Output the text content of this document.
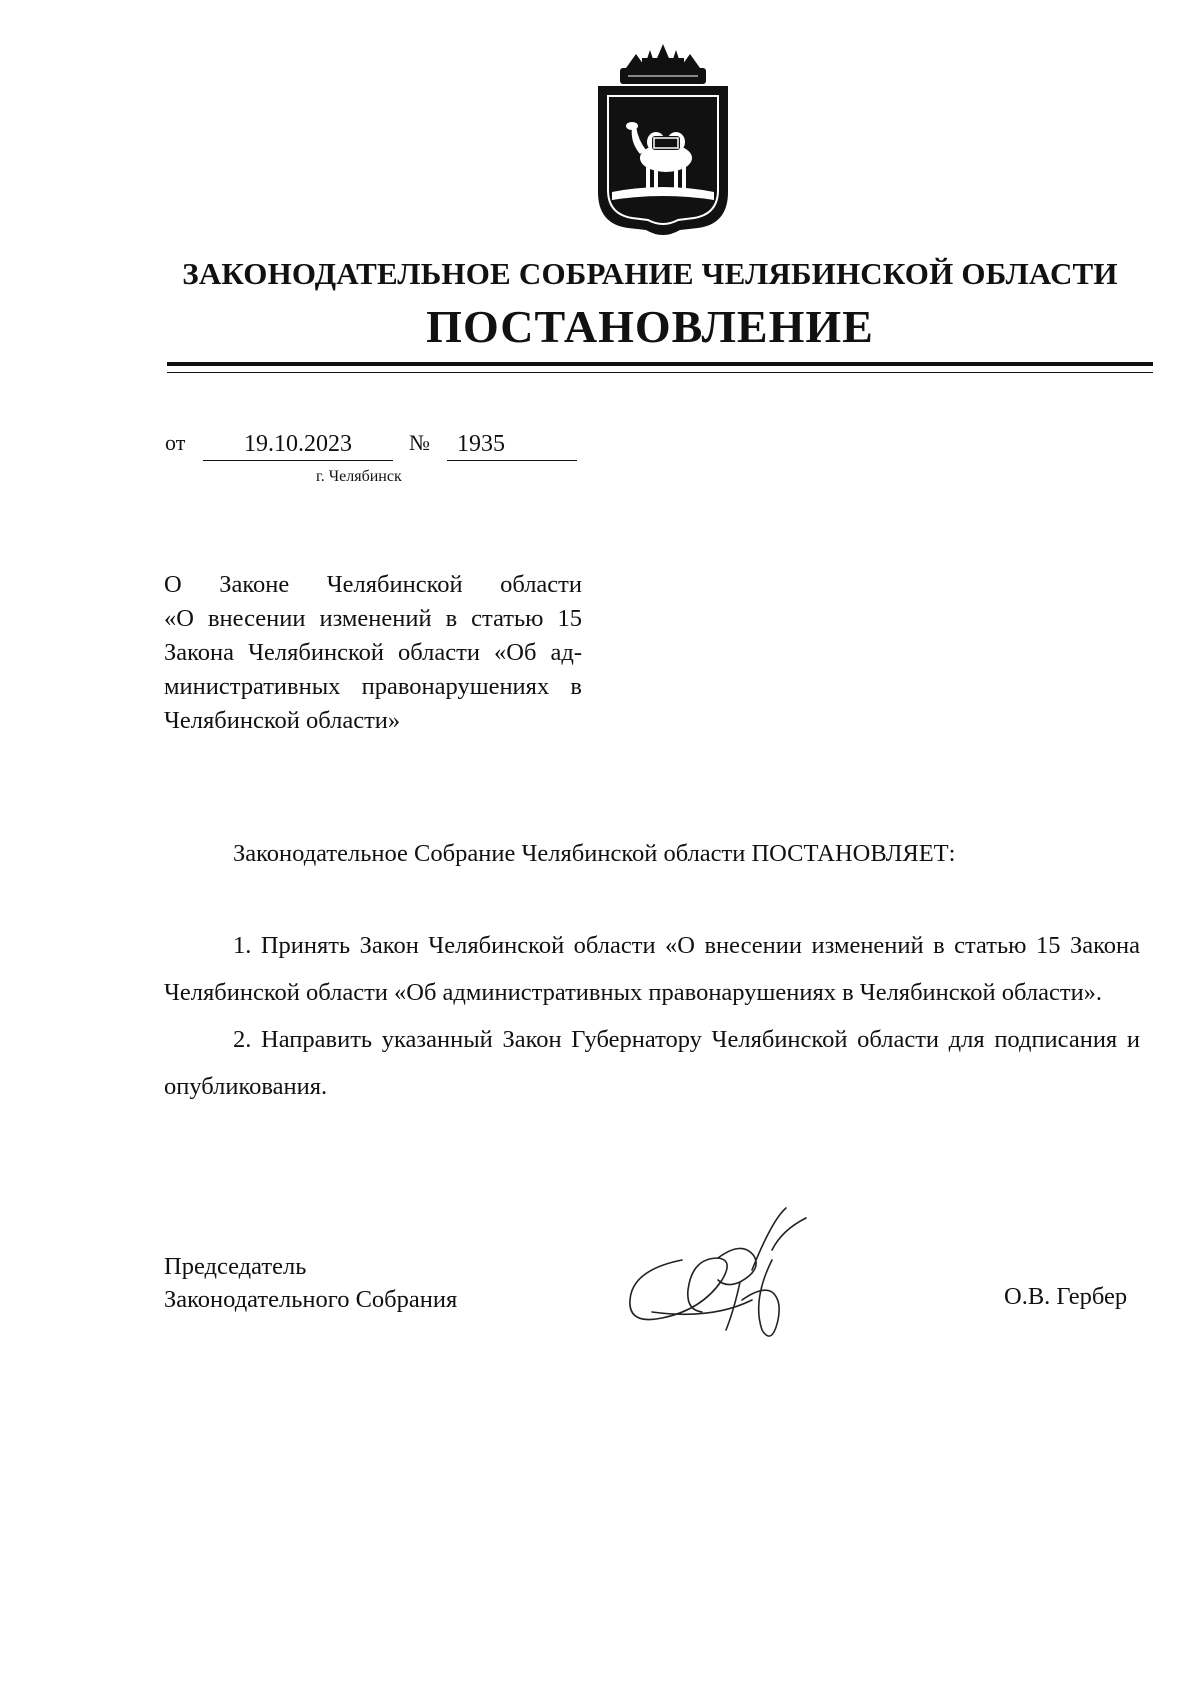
ЗАКОНОДАТЕЛЬНОЕ СОБРАНИЕ ЧЕЛЯБИНСКОЙ ОБЛАСТИ
ПОСТАНОВЛЕНИЕ
от	19.10.2023	№	1935
г. Челябинск
О Законе Челябинской области
«О внесении изменений в статью 15
Закона Челябинской области «Об ад-
министративных правонарушениях в
Челябинской области»
Законодательное Собрание Челябинской области ПОСТАНОВЛЯЕТ:

1. Принять Закон Челябинской области «О внесении изменений в статью 15 Закона Челябинской области «Об административных правонарушениях в Челябинской области».

2. Направить указанный Закон Губернатору Челябинской области для подписания и опубликования.

Председатель
Законодательного Собрания	О.В. Гербер
